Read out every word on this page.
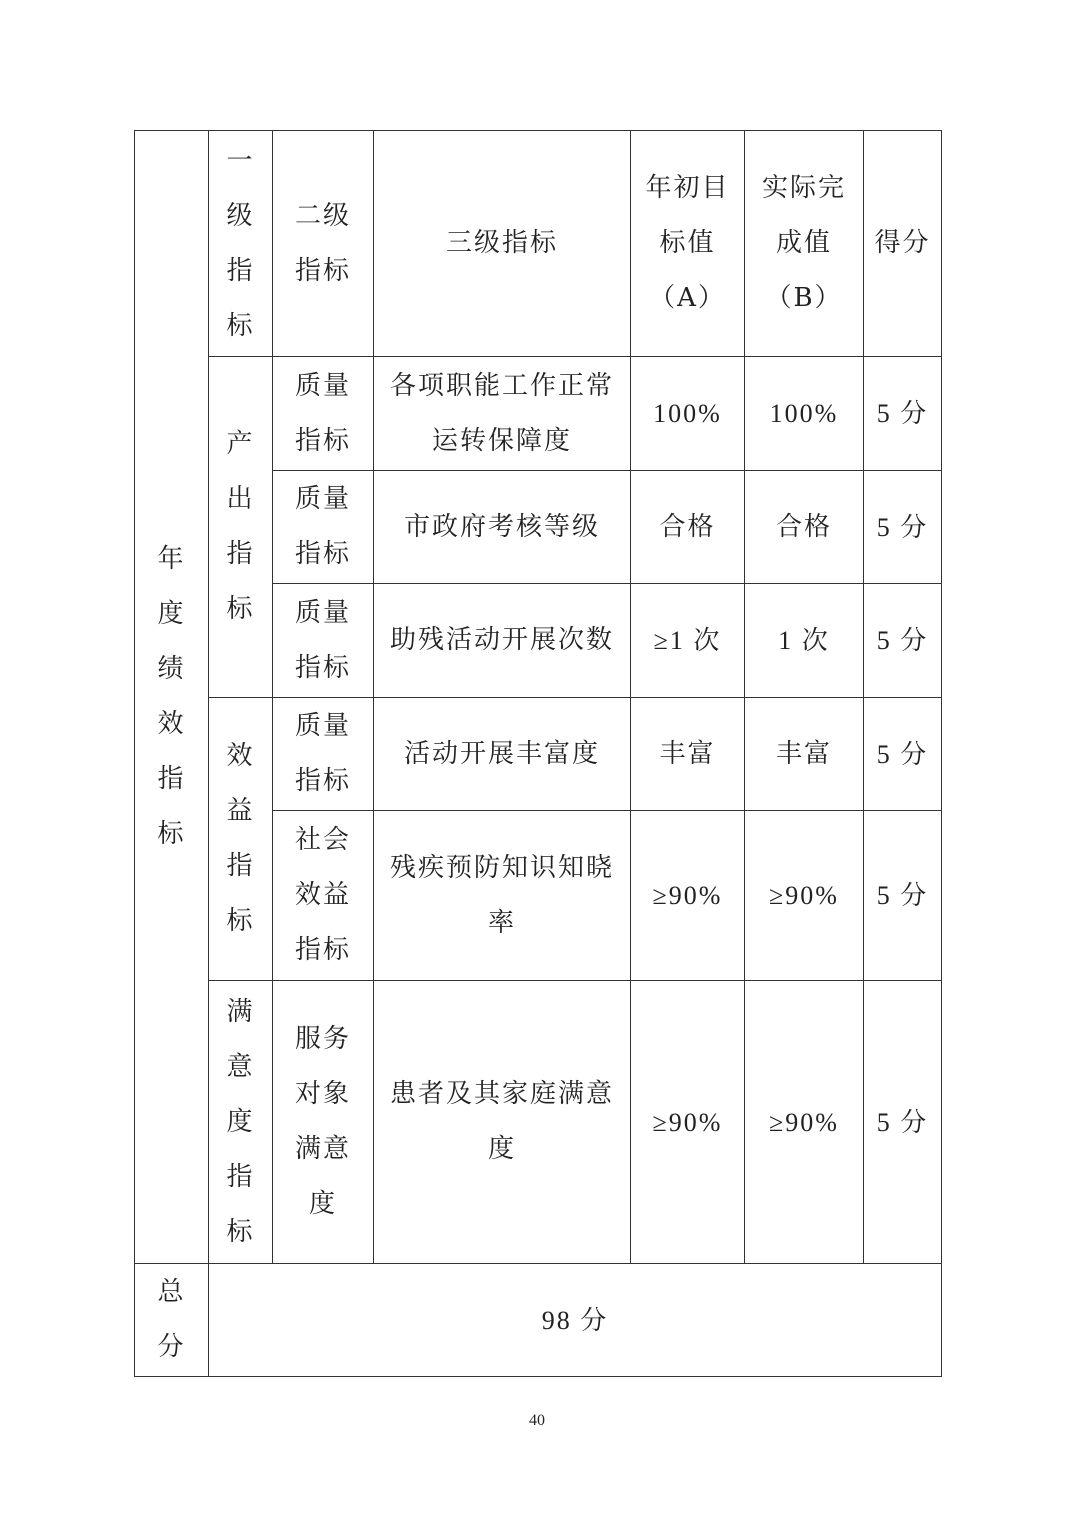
年度绩效指标	一级指标	二级指标	三级指标	年初目标值（A）	实际完成值（B）	得分

	产出指标	质量指标	各项职能工作正常运转保障度	100%	100%	5 分

		质量指标	市政府考核等级	合格	合格	5 分

		质量指标	助残活动开展次数	≥1 次	1 次	5 分

	效益指标	质量指标	活动开展丰富度	丰富	丰富	5 分

		社会效益指标	残疾预防知识知晓率	≥90%	≥90%	5 分

	满意度指标	服务对象满意度	患者及其家庭满意度	≥90%	≥90%	5 分

总分	98 分					
40
